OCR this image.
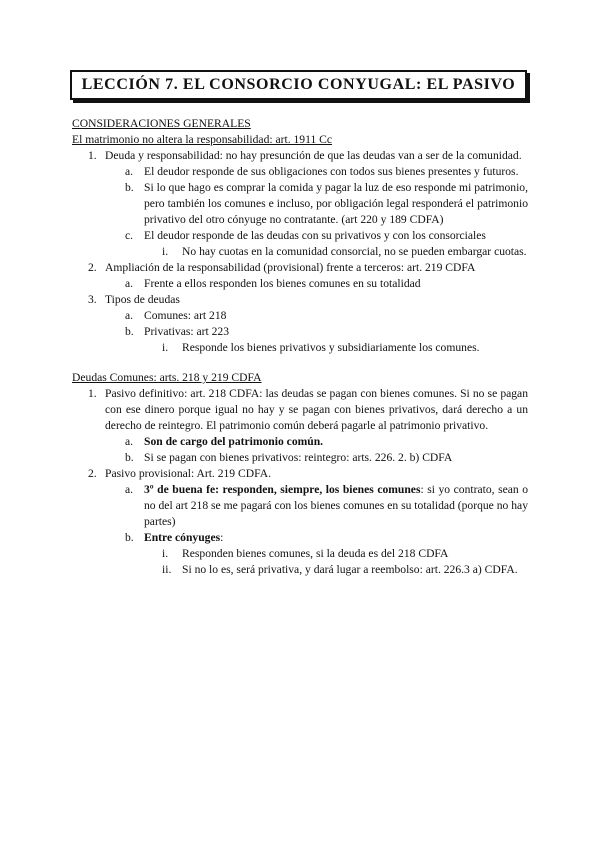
LECCIÓN 7. EL CONSORCIO CONYUGAL: EL PASIVO

CONSIDERACIONES GENERALES

El matrimonio no altera la responsabilidad: art. 1911 Cc

1. Deuda y responsabilidad: no hay presunción de que las deudas van a ser de la comunidad.
a. El deudor responde de sus obligaciones con todos sus bienes presentes y futuros.
b. Si lo que hago es comprar la comida y pagar la luz de eso responde mi patrimonio, pero también los comunes e incluso, por obligación legal responderá el patrimonio privativo del otro cónyuge no contratante. (art 220 y 189 CDFA)
c. El deudor responde de las deudas con su privativos y con los consorciales
i.	No hay cuotas en la comunidad consorcial, no se pueden embargar cuotas.
2. Ampliación de la responsabilidad (provisional) frente a terceros: art. 219 CDFA
a. Frente a ellos responden los bienes comunes en su totalidad
3. Tipos de deudas
a. Comunes: art 218
b. Privativas: art 223
i.	Responde los bienes privativos y subsidiariamente los comunes.

Deudas Comunes: arts. 218 y 219 CDFA

1. Pasivo definitivo: art. 218 CDFA: las deudas se pagan con bienes comunes. Si no se pagan con ese dinero porque igual no hay y se pagan con bienes privativos, dará derecho a un derecho de reintegro. El patrimonio común deberá pagarle al patrimonio privativo.
a. Son de cargo del patrimonio común.
b. Si se pagan con bienes privativos: reintegro: arts. 226. 2. b) CDFA
2. Pasivo provisional: Art. 219 CDFA.
a. 3º de buena fe: responden, siempre, los bienes comunes: si yo contrato, sean o no del art 218 se me pagará con los bienes comunes en su totalidad (porque no hay partes)
b. Entre cónyuges:
i.	Responden bienes comunes, si la deuda es del 218 CDFA
ii. Si no lo es, será privativa, y dará lugar a reembolso: art. 226.3 a) CDFA.
